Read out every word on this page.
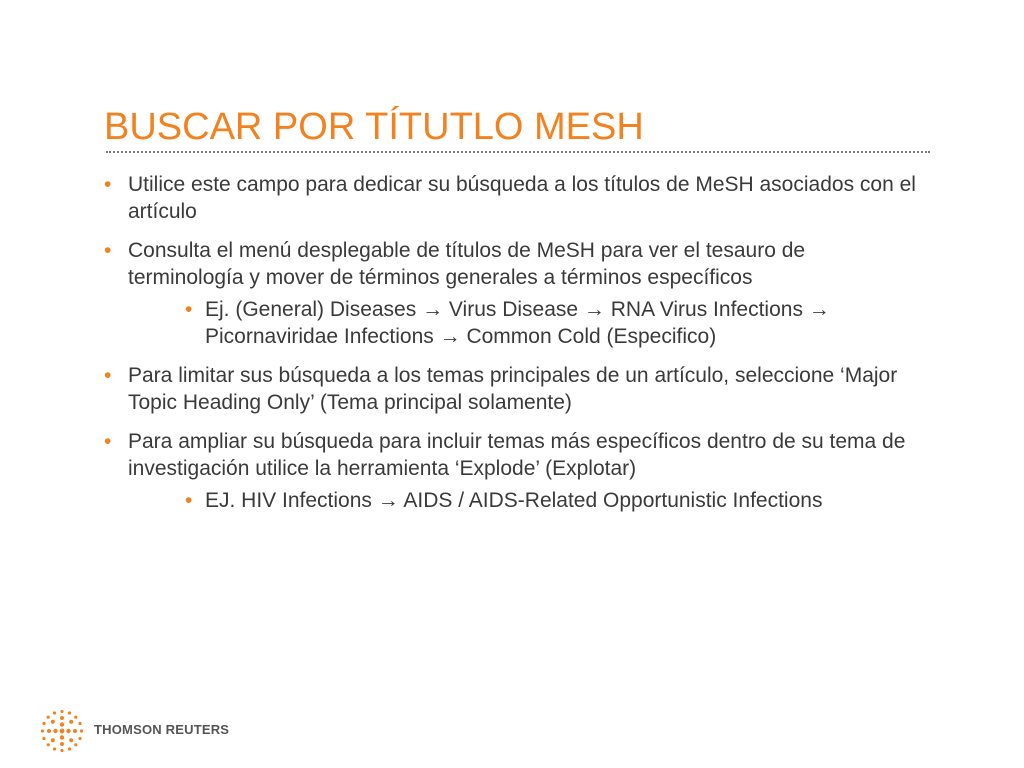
BUSCAR POR TÍTUTLO MESH
• Utilice este campo para dedicar su búsqueda a los títulos de MeSH asociados con el artículo
• Consulta el menú desplegable de títulos de MeSH para ver el tesauro de terminología y mover de términos generales a términos específicos
• Ej. (General) Diseases → Virus Disease → RNA Virus Infections → Picornaviridae Infections → Common Cold (Especifico)
• Para limitar sus búsqueda a los temas principales de un artículo, seleccione ‘Major Topic Heading Only’ (Tema principal solamente)
• Para ampliar su búsqueda para incluir temas más específicos dentro de su tema de investigación utilice la herramienta ‘Explode’ (Explotar)
• EJ. HIV Infections → AIDS / AIDS-Related Opportunistic Infections
THOMSON REUTERS
